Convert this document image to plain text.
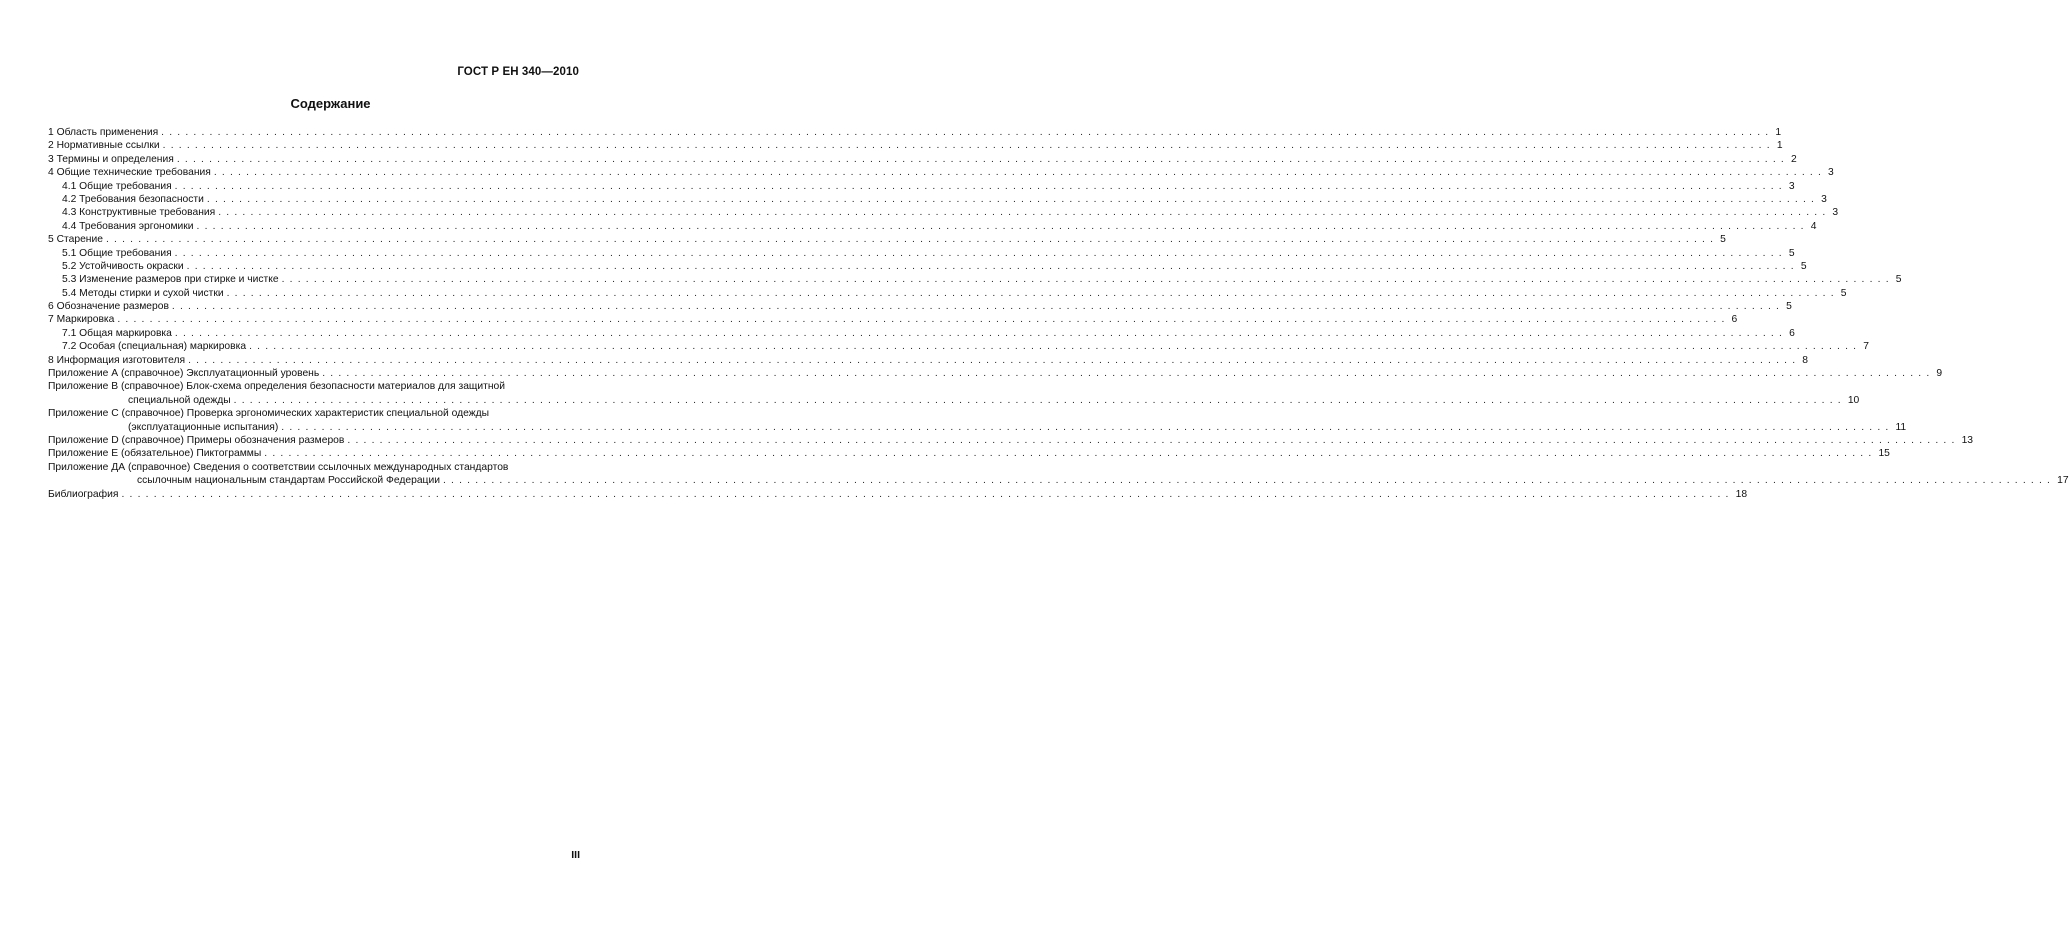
ГОСТ Р ЕН 340—2010
Содержание
1 Область применения ........................................................................................................................................................................................................ 1
2 Нормативные ссылки ........................................................................................................................................................................................................ 1
3 Термины и определения ........................................................................................................................................................................................................ 2
4 Общие технические требования ........................................................................................................................................................................................................ 3
4.1 Общие требования ........................................................................................................................................................................................................ 3
4.2 Требования безопасности ........................................................................................................................................................................................................ 3
4.3 Конструктивные требования ........................................................................................................................................................................................................ 3
4.4 Требования эргономики ........................................................................................................................................................................................................ 4
5 Старение ........................................................................................................................................................................................................ 5
5.1 Общие требования ........................................................................................................................................................................................................ 5
5.2 Устойчивость окраски ........................................................................................................................................................................................................ 5
5.3 Изменение размеров при стирке и чистке ........................................................................................................................................................................................................ 5
5.4 Методы стирки и сухой чистки ........................................................................................................................................................................................................ 5
6 Обозначение размеров ........................................................................................................................................................................................................ 5
7 Маркировка ........................................................................................................................................................................................................ 6
7.1 Общая маркировка ........................................................................................................................................................................................................ 6
7.2 Особая (специальная) маркировка ........................................................................................................................................................................................................ 7
8 Информация изготовителя ........................................................................................................................................................................................................ 8
Приложение А (справочное) Эксплуатационный уровень ........................................................................................................................................................................................................ 9
Приложение В (справочное) Блок-схема определения безопасности материалов для защитной
специальной одежды ........................................................................................................................................................................................................ 10
Приложение С (справочное) Проверка эргономических характеристик специальной одежды
(эксплуатационные испытания) ........................................................................................................................................................................................................ 11
Приложение D (справочное) Примеры обозначения размеров ........................................................................................................................................................................................................ 13
Приложение Е (обязательное) Пиктограммы ........................................................................................................................................................................................................ 15
Приложение ДА (справочное) Сведения о соответствии ссылочных международных стандартов
ссылочным национальным стандартам Российской Федерации ........................................................................................................................................................................................................ 17
Библиография ........................................................................................................................................................................................................ 18
III
